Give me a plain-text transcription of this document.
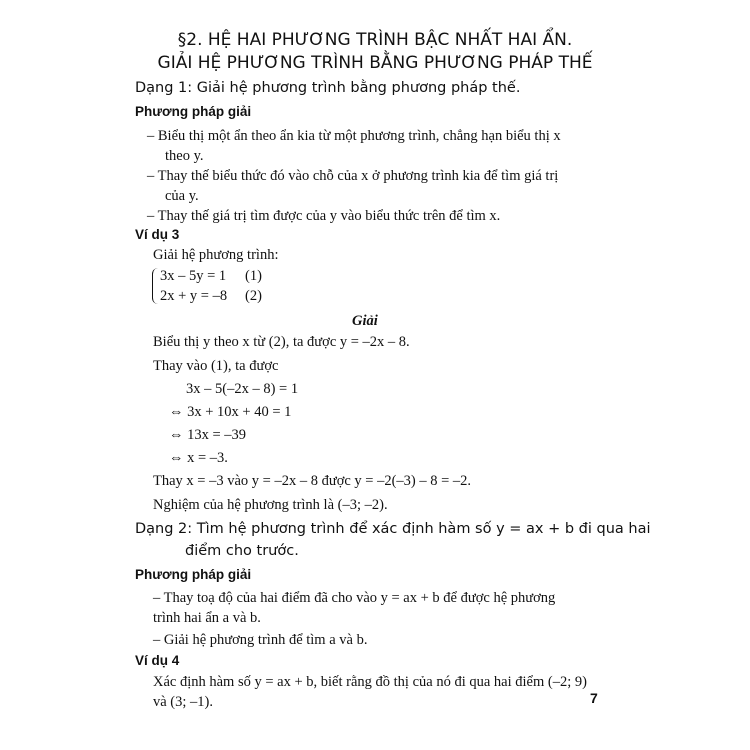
§2. HỆ HAI PHƯƠNG TRÌNH BẬC NHẤT HAI ẨN.
GIẢI HỆ PHƯƠNG TRÌNH BẰNG PHƯƠNG PHÁP THẾ
Dạng 1: Giải hệ phương trình bằng phương pháp thế.
Phương pháp giải
– Biểu thị một ẩn theo ẩn kia từ một phương trình, chẳng hạn biểu thị x
theo y.
– Thay thế biểu thức đó vào chỗ của x ở phương trình kia để tìm giá trị
của y.
– Thay thế giá trị tìm được của y vào biểu thức trên để tìm x.
Ví dụ 3
Giải hệ phương trình:
3x – 5y = 1 (1)
2x + y = –8 (2)
Giải
Biểu thị y theo x từ (2), ta được y = –2x – 8.
Thay vào (1), ta được
3x – 5(–2x – 8) = 1
⇔ 3x + 10x + 40 = 1
⇔ 13x = –39
⇔ x = –3.
Thay x = –3 vào y = –2x – 8 được y = –2(–3) – 8 = –2.
Nghiệm của hệ phương trình là (–3; –2).
Dạng 2: Tìm hệ phương trình để xác định hàm số y = ax + b đi qua hai
điểm cho trước.
Phương pháp giải
– Thay toạ độ của hai điểm đã cho vào y = ax + b để được hệ phương
trình hai ẩn a và b.
– Giải hệ phương trình để tìm a và b.
Ví dụ 4
Xác định hàm số y = ax + b, biết rằng đồ thị của nó đi qua hai điểm (–2; 9)
và (3; –1).	7
